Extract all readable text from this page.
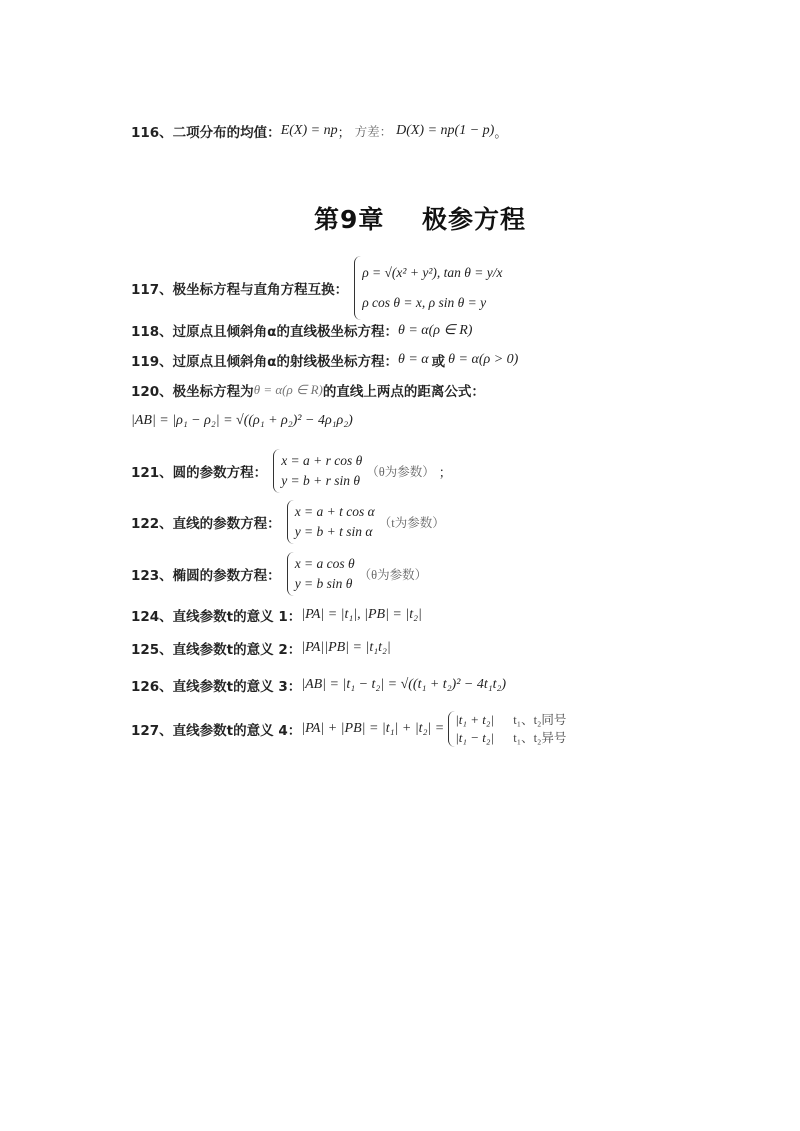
116、二项分布的均值： E(X) = np ； 方差： D(X) = np(1 − p) 。
第9章 极参方程
117、极坐标方程与直角方程互换：
ρ = √(x² + y²), tan θ = y/x
ρ cos θ = x, ρ sin θ = y
118、过原点且倾斜角α的直线极坐标方程： θ = α(ρ ∈ R)
119、过原点且倾斜角α的射线极坐标方程： θ = α 或 θ = α(ρ > 0)
120、极坐标方程为 θ = α(ρ ∈ R) 的直线上两点的距离公式：
|AB| = |ρ₁ − ρ₂| = √((ρ₁ + ρ₂)² − 4ρ₁ρ₂)
121、圆的参数方程：
x = a + r cos θ
y = b + r sin θ
（θ为参数） ；
122、直线的参数方程：
x = a + t cos α
y = b + t sin α
（t为参数）
123、椭圆的参数方程：
x = a cos θ
y = b sin θ
（θ为参数）
124、直线参数t的意义 1： |PA| = |t₁|, |PB| = |t₂|
125、直线参数t的意义 2： |PA||PB| = |t₁t₂|
126、直线参数t的意义 3： |AB| = |t₁ − t₂| = √((t₁ + t₂)² − 4t₁t₂)
127、直线参数t的意义 4： |PA| + |PB| = |t₁| + |t₂| =
|t₁ + t₂|	t₁、t₂同号
|t₁ − t₂|	t₁、t₂异号
